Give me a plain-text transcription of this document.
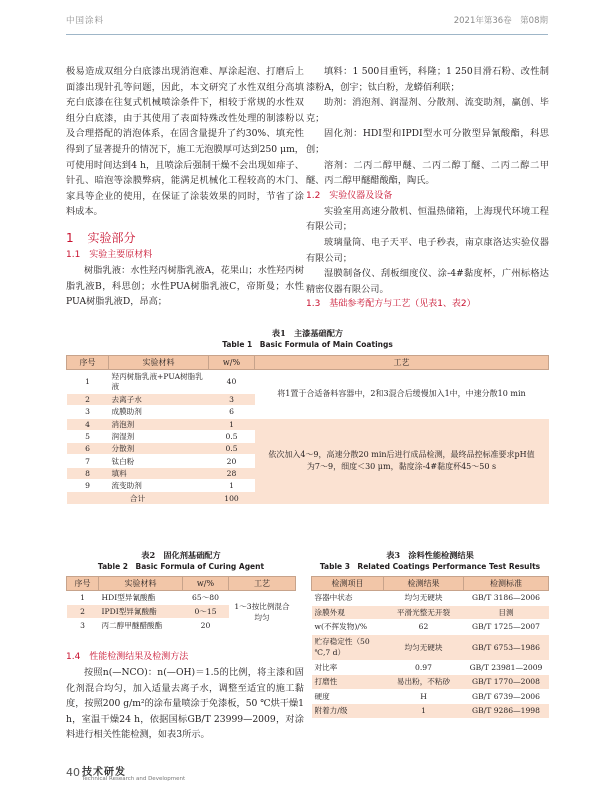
中国涂料	2021年第36卷　第08期

极易造成双组分白底漆出现消泡难、厚涂起泡、打磨后上面漆出现针孔等问题，因此，本文研究了水性双组分高填充白底漆在往复式机械喷涂条件下，相较于常规的水性双组分白底漆，由于其使用了表面特殊改性处理的制漆粉以及合理搭配的消泡体系，在固含量提升了约30%、填充性得到了显著提升的情况下，施工无泡膜厚可达到250 μm，可使用时间达到4 h，且喷涂后强制干燥不会出现如痱子、针孔、暗泡等涂膜弊病，能满足机械化工程较高的木门、家具等企业的使用，在保证了涂装效果的同时，节省了涂料成本。

1 实验部分
1.1 实验主要原材料

树脂乳液：水性羟丙树脂乳液A，花果山；水性羟丙树脂乳液B，科思创；水性PUA树脂乳液C，帝斯曼；水性PUA树脂乳液D，昂高；

填料：1 500目重钙，科隆；1 250目滑石粉、改性制漆粉A，创宇；钛白粉，龙蟒佰利联；

助剂：消泡剂、润湿剂、分散剂、流变助剂，赢创、毕克；

固化剂：HDI型和IPDI型水可分散型异氰酸酯，科思创；

溶剂：二丙二醇甲醚、二丙二醇丁醚、二丙二醇二甲醚、丙二醇甲醚醋酸酯，陶氏。

1.2 实验仪器及设备

实验室用高速分散机、恒温热储箱，上海现代环境工程有限公司；

玻璃量筒、电子天平、电子秒表，南京康洛达实验仪器有限公司；

湿膜制备仪、刮板细度仪、涂-4#黏度杯，广州标格达精密仪器有限公司。

1.3 基础参考配方与工艺（见表1、表2）
表1　主漆基础配方
Table 1　Basic Formula of Main Coatings
序号	实验材料	w/%	工艺
1	羟丙树脂乳液+PUA树脂乳液	40	将1置于合适备料容器中，2和3混合后缓慢加入1中，中速分散10 min
2	去离子水	3	
3	成膜助剂	6	
4	消泡剂	1	依次加入4～9，高速分散20 min后进行成品检测，最终品控标准要求pH值为7～9，细度＜30 μm，黏度涂-4#黏度杯45～50 s
5	润湿剂	0.5	
6	分散剂	0.5	
7	钛白粉	20	
8	填料	28	
9	流变助剂	1	
合计		100	
表2　固化剂基础配方
Table 2　Basic Formula of Curing Agent
序号	实验材料	w/%	工艺
1	HDI型异氰酸酯	65～80	1～3按比例混合均匀
2	IPDI型异氰酸酯	0～15	
3	丙二醇甲醚醋酸酯	20	
表3　涂料性能检测结果
Table 3　Related Coatings Performance Test Results
检测项目	检测结果	检测标准
容器中状态	均匀无硬块	GB/T 3186—2006
涂膜外观	平滑光整无开裂	目测
w(不挥发物)/%	62	GB/T 1725—2007
贮存稳定性（50 ℃,7 d）	均匀无硬块	GB/T 6753—1986
对比率	0.97	GB/T 23981—2009
打磨性	易出粉，不粘砂	GB/T 1770—2008
硬度	H	GB/T 6739—2006
附着力/级	1	GB/T 9286—1998
1.4 性能检测结果及检测方法

按照n(—NCO)：n(—OH)＝1.5的比例，将主漆和固化剂混合均匀，加入适量去离子水，调整至适宜的施工黏度，按照200 g/m²的涂布量喷涂于免漆板，50 ℃烘干燥1 h，室温干燥24 h，依据国标GB/T 23999—2009，对涂料进行相关性能检测，如表3所示。

40 技术研发
Technical Research and Development
